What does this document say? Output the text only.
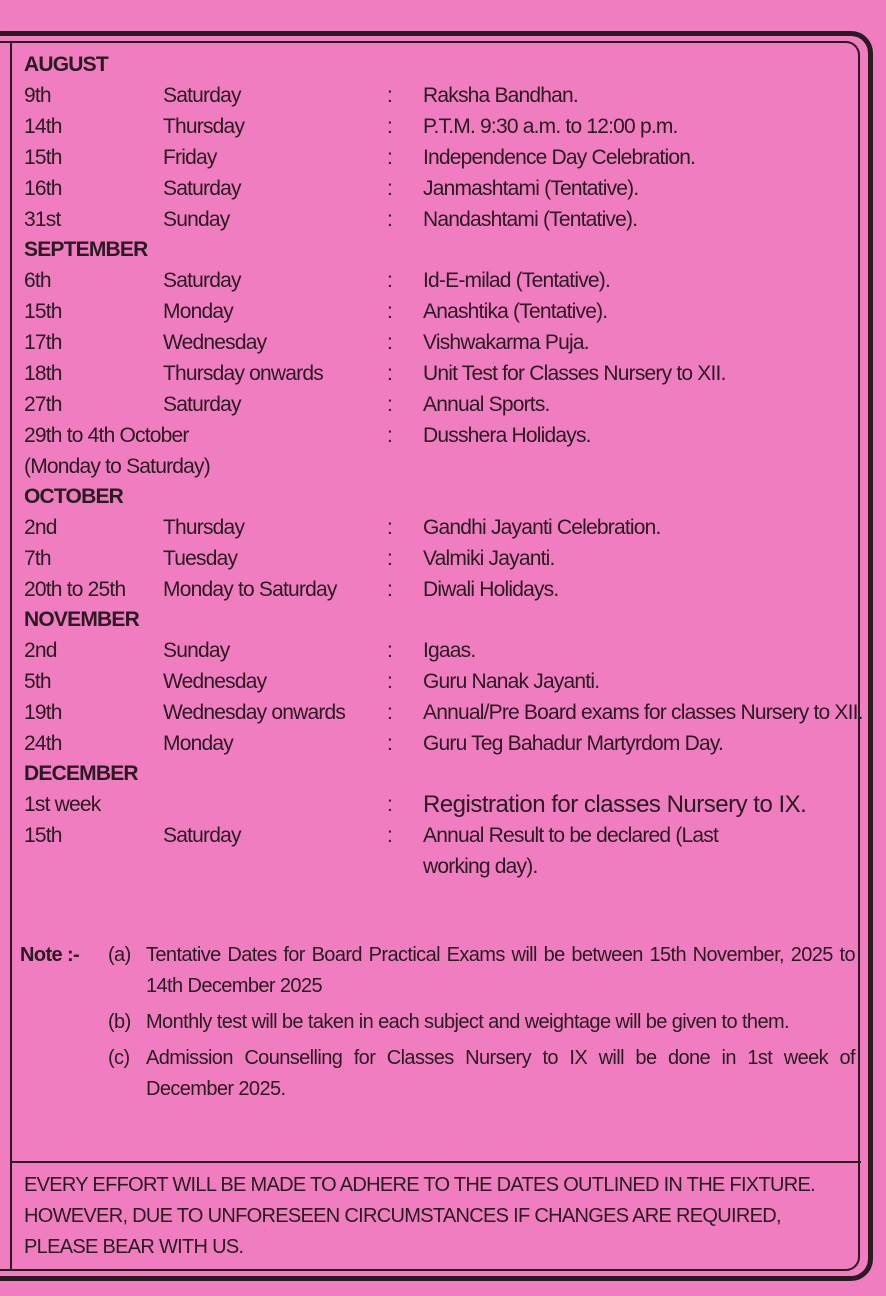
AUGUST
9th	Saturday	:	Raksha Bandhan.
14th	Thursday	:	P.T.M. 9:30 a.m. to 12:00 p.m.
15th	Friday	:	Independence Day Celebration.
16th	Saturday	:	Janmashtami (Tentative).
31st	Sunday	:	Nandashtami (Tentative).
SEPTEMBER
6th	Saturday	:	Id-E-milad (Tentative).
15th	Monday	:	Anashtika (Tentative).
17th	Wednesday	:	Vishwakarma Puja.
18th	Thursday onwards	:	Unit Test for Classes Nursery to XII.
27th	Saturday	:	Annual Sports.
29th to 4th October	:	Dusshera Holidays.
(Monday to Saturday)
OCTOBER
2nd	Thursday	:	Gandhi Jayanti Celebration.
7th	Tuesday	:	Valmiki Jayanti.
20th to 25th	Monday to Saturday	:	Diwali Holidays.
NOVEMBER
2nd	Sunday	:	Igaas.
5th	Wednesday	:	Guru Nanak Jayanti.
19th	Wednesday onwards	:	Annual/Pre Board exams for classes Nursery to XII.
24th	Monday	:	Guru Teg Bahadur Martyrdom Day.
DECEMBER
1st week	:	Registration for classes Nursery to IX.
15th	Saturday	:	Annual Result to be declared (Last working day).
Note :-	(a) Tentative Dates for Board Practical Exams will be between 15th November, 2025 to 14th December 2025
(b) Monthly test will be taken in each subject and weightage will be given to them.
(c) Admission Counselling for Classes Nursery to IX will be done in 1st week of December 2025.
EVERY EFFORT WILL BE MADE TO ADHERE TO THE DATES OUTLINED IN THE FIXTURE. HOWEVER, DUE TO UNFORESEEN CIRCUMSTANCES IF CHANGES ARE REQUIRED, PLEASE BEAR WITH US.
